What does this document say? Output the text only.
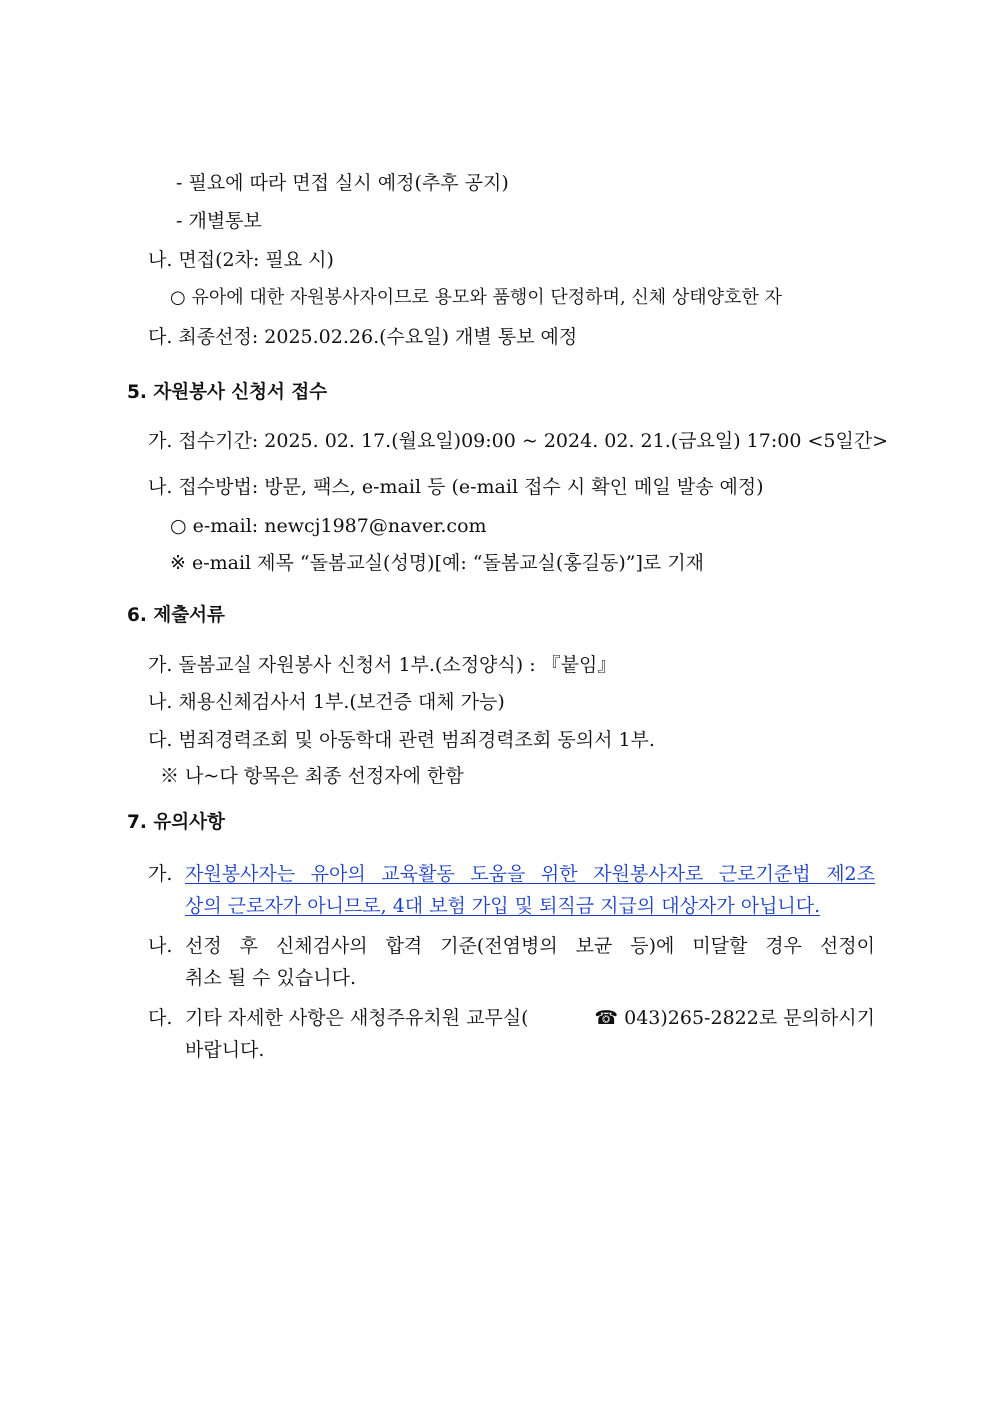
- 필요에 따라 면접 실시 예정(추후 공지)
- 개별통보
나. 면접(2차: 필요 시)
○ 유아에 대한 자원봉사자이므로 용모와 품행이 단정하며, 신체 상태양호한 자
다. 최종선정: 2025.02.26.(수요일) 개별 통보 예정
5. 자원봉사 신청서 접수
가. 접수기간: 2025. 02. 17.(월요일)09:00 ~ 2024. 02. 21.(금요일) 17:00 <5일간>
나. 접수방법: 방문, 팩스, e-mail 등 (e-mail 접수 시 확인 메일 발송 예정)
○ e-mail: newcj1987@naver.com
※ e-mail 제목 “돌봄교실(성명)[예: “돌봄교실(홍길동)”]로 기재
6. 제출서류
가. 돌봄교실 자원봉사 신청서 1부.(소정양식) : 『붙임』
나. 채용신체검사서 1부.(보건증 대체 가능)
다. 범죄경력조회 및 아동학대 관련 범죄경력조회 동의서 1부.
※ 나~다 항목은 최종 선정자에 한함
7. 유의사항
가. 자원봉사자는 유아의 교육활동 도움을 위한 자원봉사자로 근로기준법 제2조
상의 근로자가 아니므로, 4대 보험 가입 및 퇴직금 지급의 대상자가 아닙니다.
나. 선정 후 신체검사의 합격 기준(전염병의 보균 등)에 미달할 경우 선정이
취소 될 수 있습니다.
다. 기타 자세한 사항은 새청주유치원 교무실(	☎ 043)265-2822로 문의하시기
바랍니다.
